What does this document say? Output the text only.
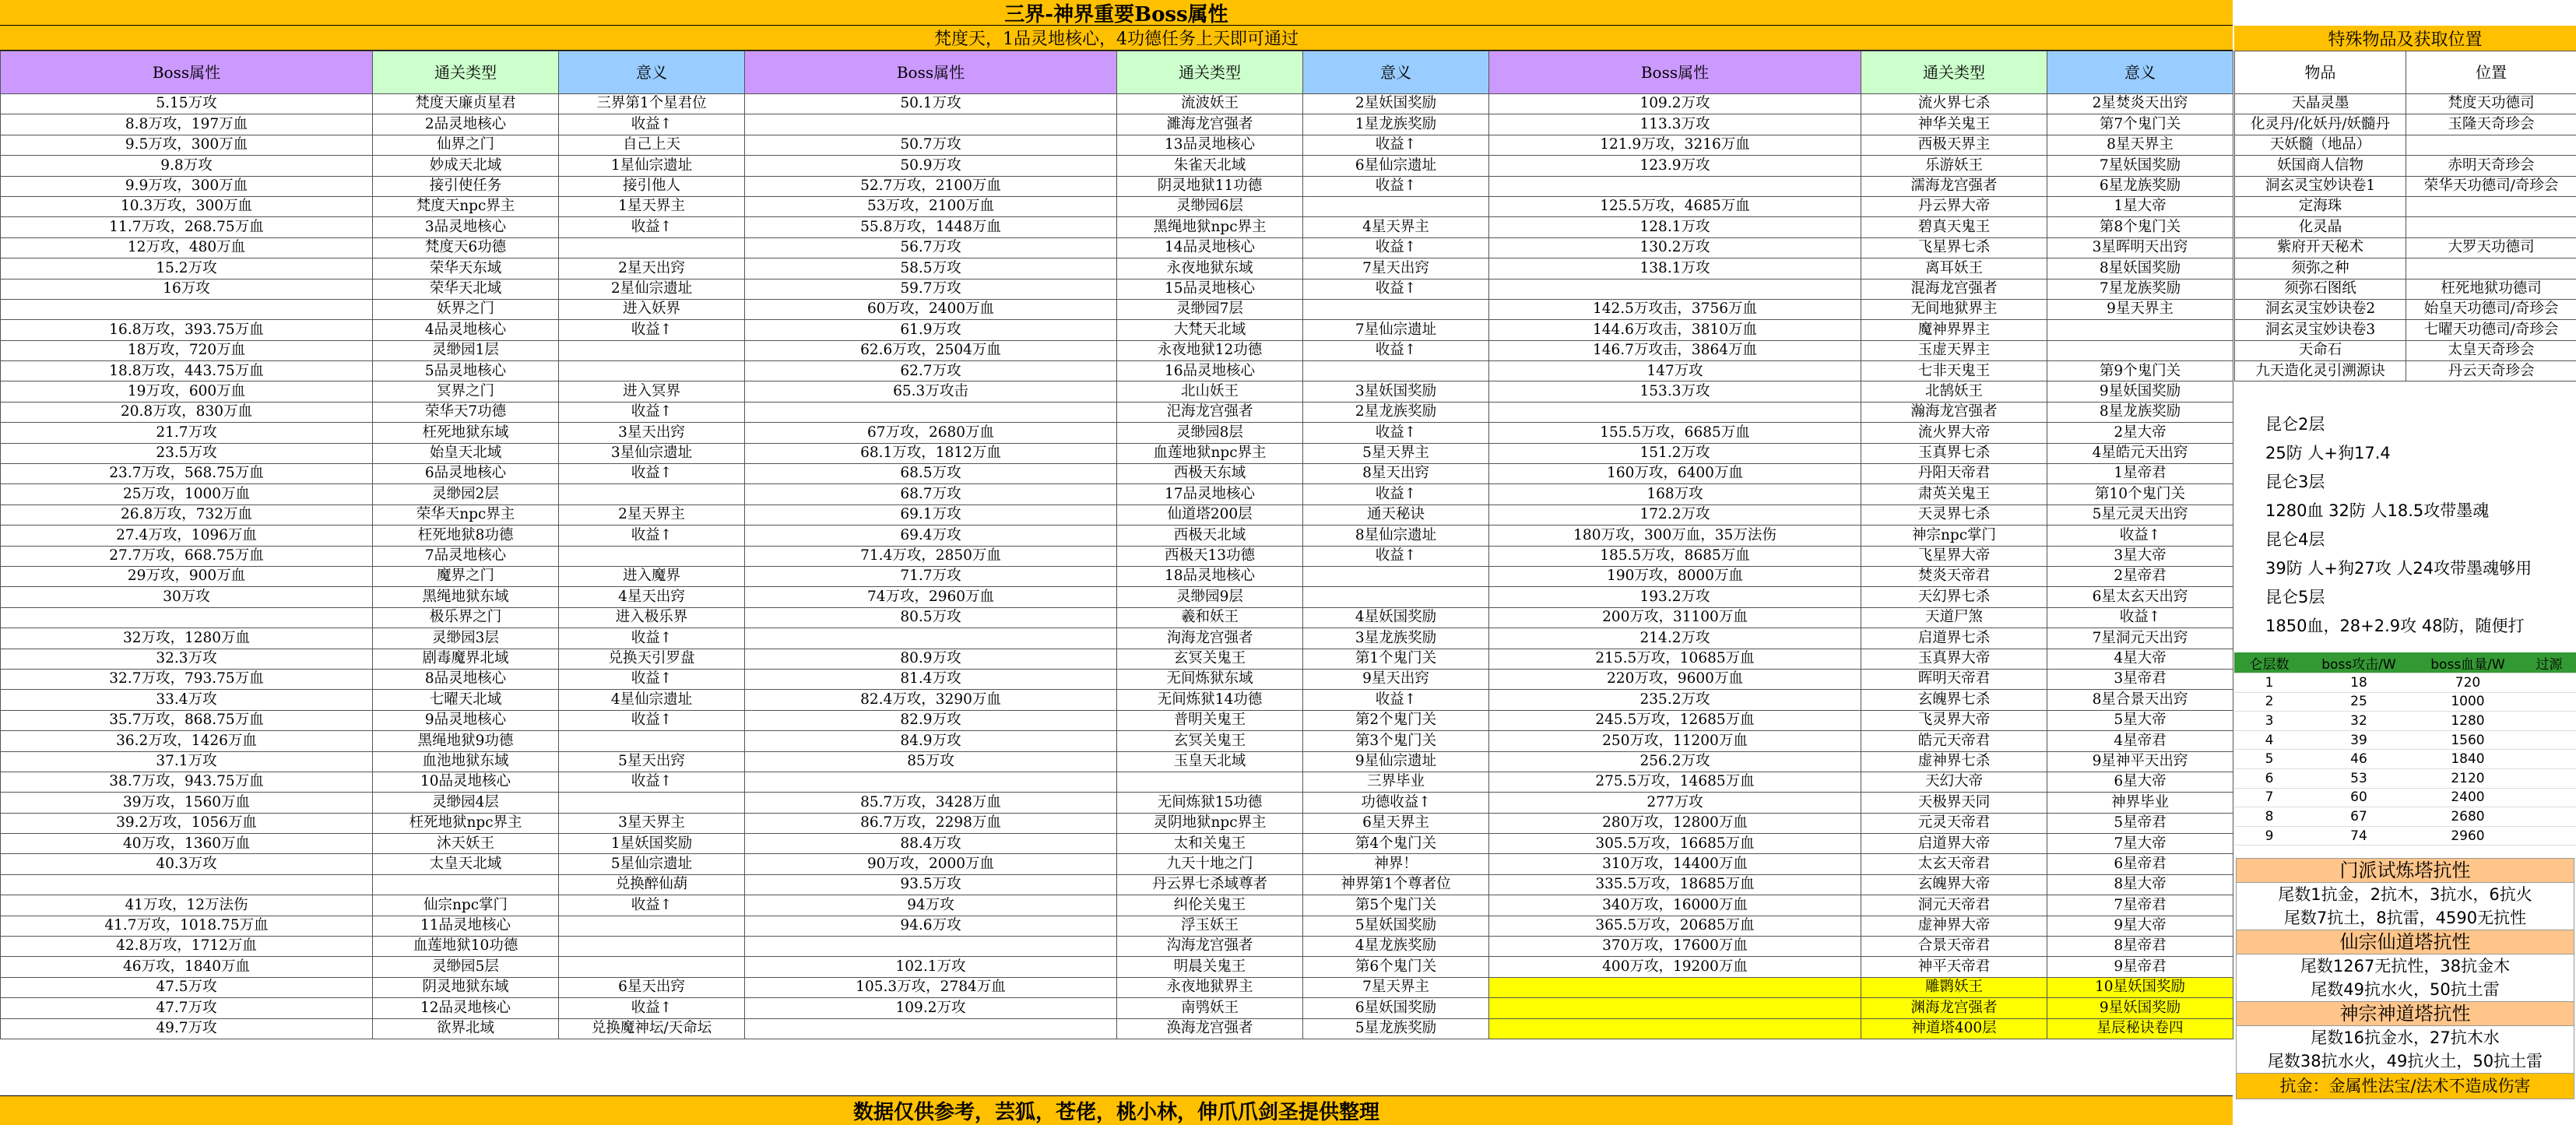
三界-神界重要Boss属性
梵度天，1品灵地核心，4功德任务上天即可通过
Boss属性	通关类型	意义
5.15万攻	梵度天廉贞星君	三界第1个星君位
8.8万攻，197万血	2品灵地核心	收益↑
9.5万攻，300万血	仙界之门	自己上天
9.8万攻	妙成天北域	1星仙宗遗址
9.9万攻，300万血	接引使任务	接引他人
10.3万攻，300万血	梵度天npc界主	1星天界主
11.7万攻，268.75万血	3品灵地核心	收益↑
12万攻，480万血	梵度天6功德	
15.2万攻	荣华天东域	2星天出窍
16万攻	荣华天北域	2星仙宗遗址
	妖界之门	进入妖界
16.8万攻，393.75万血	4品灵地核心	收益↑
18万攻，720万血	灵缈园1层	
18.8万攻，443.75万血	5品灵地核心	
19万攻，600万血	冥界之门	进入冥界
20.8万攻，830万血	荣华天7功德	收益↑
21.7万攻	枉死地狱东域	3星天出窍
23.5万攻	始皇天北域	3星仙宗遗址
23.7万攻，568.75万血	6品灵地核心	收益↑
25万攻，1000万血	灵缈园2层	
26.8万攻，732万血	荣华天npc界主	2星天界主
27.4万攻，1096万血	枉死地狱8功德	收益↑
27.7万攻，668.75万血	7品灵地核心	
29万攻，900万血	魔界之门	进入魔界
30万攻	黑绳地狱东域	4星天出窍
	极乐界之门	进入极乐界
32万攻，1280万血	灵缈园3层	收益↑
32.3万攻	剧毒魔界北域	兑换天引罗盘
32.7万攻，793.75万血	8品灵地核心	收益↑
33.4万攻	七曜天北域	4星仙宗遗址
35.7万攻，868.75万血	9品灵地核心	收益↑
36.2万攻，1426万血	黑绳地狱9功德	
37.1万攻	血池地狱东域	5星天出窍
38.7万攻，943.75万血	10品灵地核心	收益↑
39万攻，1560万血	灵缈园4层	
39.2万攻，1056万血	枉死地狱npc界主	3星天界主
40万攻，1360万血	沐天妖王	1星妖国奖励
40.3万攻	太皇天北域	5星仙宗遗址
		兑换醉仙葫
41万攻，12万法伤	仙宗npc掌门	收益↑
41.7万攻，1018.75万血	11品灵地核心	
42.8万攻，1712万血	血莲地狱10功德	
46万攻，1840万血	灵缈园5层	
47.5万攻	阴灵地狱东域	6星天出窍
47.7万攻	12品灵地核心	收益↑
49.7万攻	欲界北域	兑换魔神坛/天命坛
Boss属性	通关类型	意义
50.1万攻	流波妖王	2星妖国奖励
	濉海龙宫强者	1星龙族奖励
50.7万攻	13品灵地核心	收益↑
50.9万攻	朱雀天北域	6星仙宗遗址
52.7万攻，2100万血	阴灵地狱11功德	收益↑
53万攻，2100万血	灵缈园6层	
55.8万攻，1448万血	黑绳地狱npc界主	4星天界主
56.7万攻	14品灵地核心	收益↑
58.5万攻	永夜地狱东域	7星天出窍
59.7万攻	15品灵地核心	收益↑
60万攻，2400万血	灵缈园7层	
61.9万攻	大梵天北域	7星仙宗遗址
62.6万攻，2504万血	永夜地狱12功德	收益↑
62.7万攻	16品灵地核心	
65.3万攻击	北山妖王	3星妖国奖励
	汜海龙宫强者	2星龙族奖励
67万攻，2680万血	灵缈园8层	收益↑
68.1万攻，1812万血	血莲地狱npc界主	5星天界主
68.5万攻	西极天东域	8星天出窍
68.7万攻	17品灵地核心	收益↑
69.1万攻	仙道塔200层	通天秘诀
69.4万攻	西极天北域	8星仙宗遗址
71.4万攻，2850万血	西极天13功德	收益↑
71.7万攻	18品灵地核心	
74万攻，2960万血	灵缈园9层	
80.5万攻	羲和妖王	4星妖国奖励
	洵海龙宫强者	3星龙族奖励
80.9万攻	玄冥关鬼王	第1个鬼门关
81.4万攻	无间炼狱东域	9星天出窍
82.4万攻，3290万血	无间炼狱14功德	收益↑
82.9万攻	普明关鬼王	第2个鬼门关
84.9万攻	玄冥关鬼王	第3个鬼门关
85万攻	玉皇天北域	9星仙宗遗址
		三界毕业
85.7万攻，3428万血	无间炼狱15功德	功德收益↑
86.7万攻，2298万血	灵阴地狱npc界主	6星天界主
88.4万攻	太和关鬼王	第4个鬼门关
90万攻，2000万血	九天十地之门	神界！
93.5万攻	丹云界七杀域尊者	神界第1个尊者位
94万攻	纠伦关鬼王	第5个鬼门关
94.6万攻	浮玉妖王	5星妖国奖励
	沟海龙宫强者	4星龙族奖励
102.1万攻	明晨关鬼王	第6个鬼门关
105.3万攻，2784万血	永夜地狱界主	7星天界主
109.2万攻	南鸮妖王	6星妖国奖励
	涣海龙宫强者	5星龙族奖励
Boss属性	通关类型	意义
109.2万攻	流火界七杀	2星焚炎天出窍
113.3万攻	神华关鬼王	第7个鬼门关
121.9万攻，3216万血	西极天界主	8星天界主
123.9万攻	乐游妖王	7星妖国奖励
	濡海龙宫强者	6星龙族奖励
125.5万攻，4685万血	丹云界大帝	1星大帝
128.1万攻	碧真天鬼王	第8个鬼门关
130.2万攻	飞星界七杀	3星晖明天出窍
138.1万攻	离耳妖王	8星妖国奖励
	混海龙宫强者	7星龙族奖励
142.5万攻击，3756万血	无间地狱界主	9星天界主
144.6万攻击，3810万血	魔神界界主	
146.7万攻击，3864万血	玉虚天界主	
147万攻	七非天鬼王	第9个鬼门关
153.3万攻	北鹄妖王	9星妖国奖励
	瀚海龙宫强者	8星龙族奖励
155.5万攻，6685万血	流火界大帝	2星大帝
151.2万攻	玉真界七杀	4星皓元天出窍
160万攻，6400万血	丹阳天帝君	1星帝君
168万攻	肃英关鬼王	第10个鬼门关
172.2万攻	天灵界七杀	5星元灵天出窍
180万攻，300万血，35万法伤	神宗npc掌门	收益↑
185.5万攻，8685万血	飞星界大帝	3星大帝
190万攻，8000万血	焚炎天帝君	2星帝君
193.2万攻	天幻界七杀	6星太玄天出窍
200万攻，31100万血	天道尸煞	收益↑
214.2万攻	启道界七杀	7星洞元天出窍
215.5万攻，10685万血	玉真界大帝	4星大帝
220万攻，9600万血	晖明天帝君	3星帝君
235.2万攻	玄魄界七杀	8星合景天出窍
245.5万攻，12685万血	飞灵界大帝	5星大帝
250万攻，11200万血	皓元天帝君	4星帝君
256.2万攻	虚神界七杀	9星神平天出窍
275.5万攻，14685万血	天幻大帝	6星大帝
277万攻	天极界天同	神界毕业
280万攻，12800万血	元灵天帝君	5星帝君
305.5万攻，16685万血	启道界大帝	7星大帝
310万攻，14400万血	太玄天帝君	6星帝君
335.5万攻，18685万血	玄魄界大帝	8星大帝
340万攻，16000万血	洞元天帝君	7星帝君
365.5万攻，20685万血	虚神界大帝	9星大帝
370万攻，17600万血	合景天帝君	8星帝君
400万攻，19200万血	神平天帝君	9星帝君
	雕鹮妖王	10星妖国奖励
	渊海龙宫强者	9星妖国奖励
	神道塔400层	星辰秘诀卷四
数据仅供参考，芸狐，苍佬，桃小林，伸爪爪剑圣提供整理
特殊物品及获取位置
物品	位置
天晶灵墨	梵度天功德司
化灵丹/化妖丹/妖髓丹	玉隆天奇珍会
天妖髓（地品）	
妖国商人信物	赤明天奇珍会
洞玄灵宝妙诀卷1	荣华天功德司/奇珍会
定海珠	
化灵晶	
紫府开天秘术	大罗天功德司
须弥之种	
须弥石图纸	枉死地狱功德司
洞玄灵宝妙诀卷2	始皇天功德司/奇珍会
洞玄灵宝妙诀卷3	七曜天功德司/奇珍会
天命石	太皇天奇珍会
九天造化灵引溯源诀	丹云天奇珍会
昆仑2层
25防 人+狗17.4
昆仑3层
1280血 32防 人18.5攻带墨魂
昆仑4层
39防 人+狗27攻 人24攻带墨魂够用
昆仑5层
1850血，28+2.9攻 48防，随便打
仑层数	boss攻击/W	boss血量/W	过源
1	18	720	
2	25	1000	
3	32	1280	
4	39	1560	
5	46	1840	
6	53	2120	
7	60	2400	
8	67	2680	
9	74	2960	
门派试炼塔抗性
尾数1抗金，2抗木，3抗水，6抗火
尾数7抗土，8抗雷，4590无抗性
仙宗仙道塔抗性
尾数1267无抗性，38抗金木
尾数49抗水火，50抗土雷
神宗神道塔抗性
尾数16抗金水，27抗木水
尾数38抗水火，49抗火土，50抗土雷
抗金：金属性法宝/法术不造成伤害
